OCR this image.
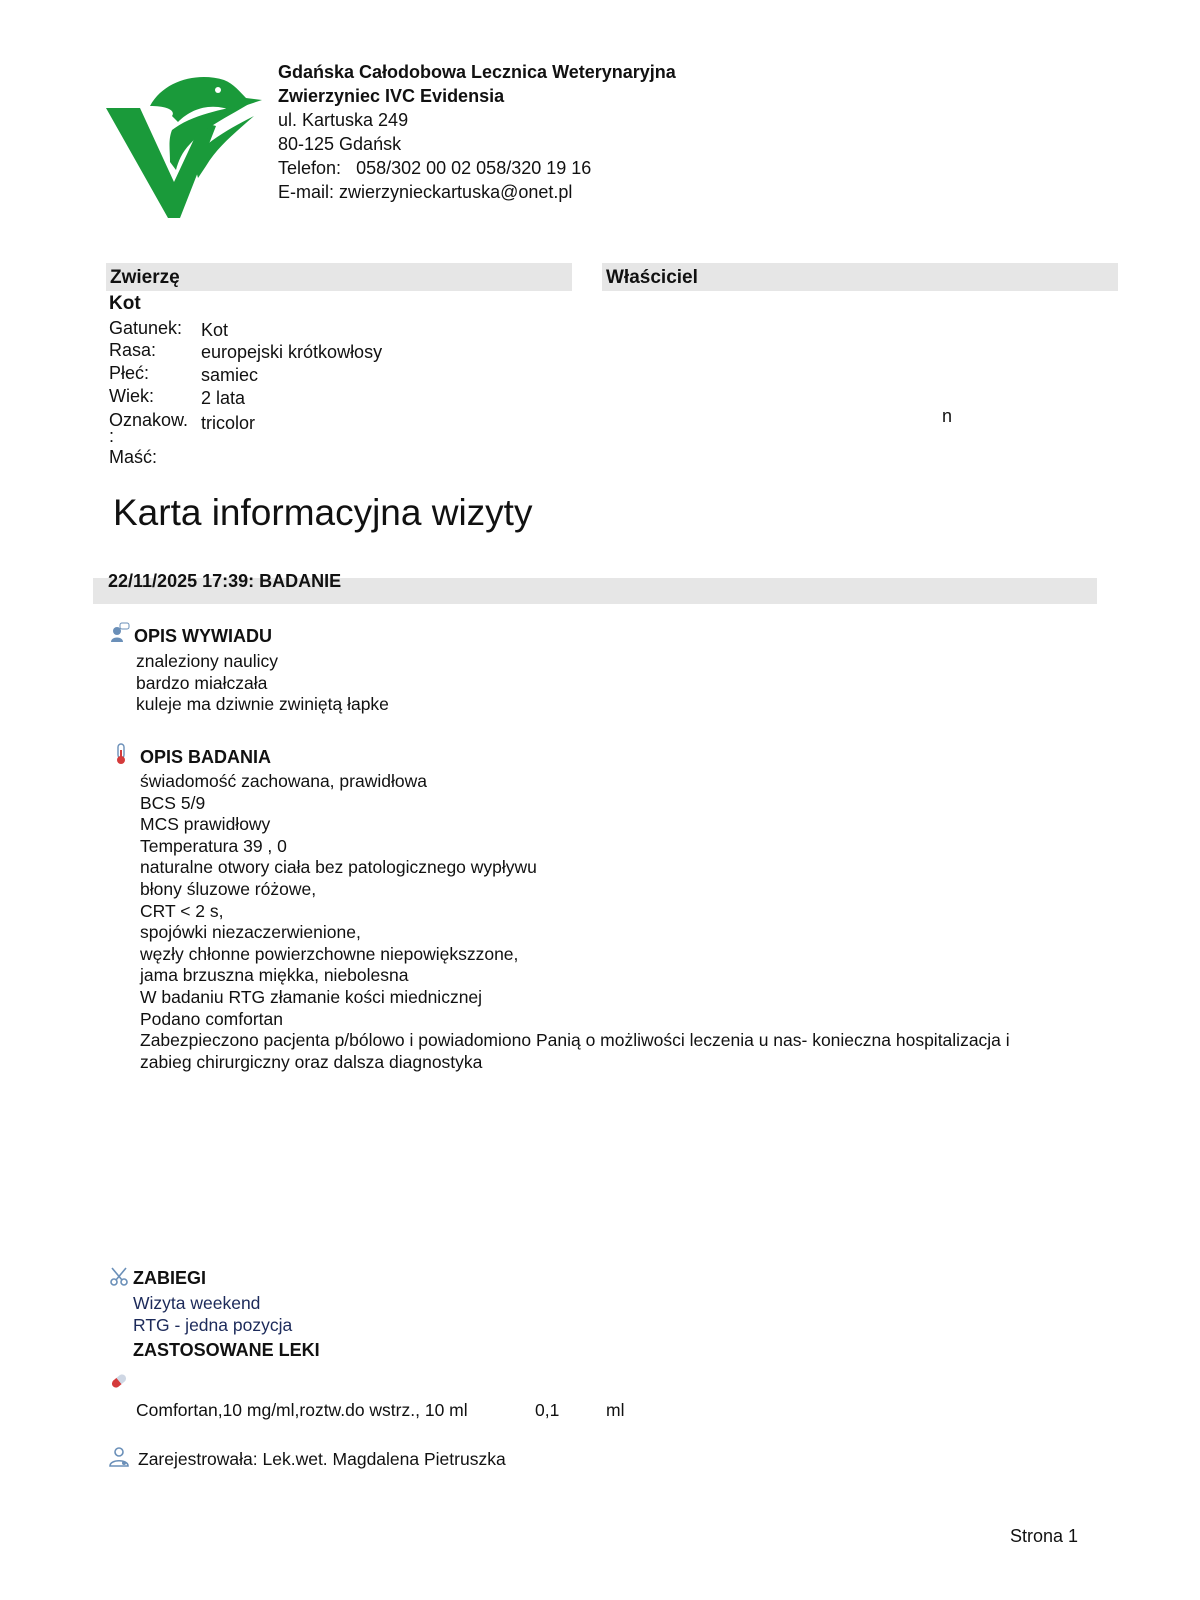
Gdańska Całodobowa Lecznica Weterynaryjna
Zwierzyniec IVC Evidensia
ul. Kartuska 249
80-125 Gdańsk
Telefon: 058/302 00 02 058/320 19 16
E-mail: zwierzynieckartuska@onet.pl
Zwierzę	Właściciel
Kot
Gatunek: Kot
Rasa: europejski krótkowłosy
Płeć:	samiec
Wiek:	2 lata
Oznakow. tricolor
:
Maść:
n
Karta informacyjna wizyty
22/11/2025 17:39: BADANIE
OPIS WYWIADU
znaleziony naulicy
bardzo miałczała
kuleje ma dziwnie zwiniętą łapke
OPIS BADANIA
świadomość zachowana, prawidłowa
BCS 5/9
MCS prawidłowy
Temperatura 39 , 0
naturalne otwory ciała bez patologicznego wypływu
błony śluzowe różowe,
CRT < 2 s,
spojówki niezaczerwienione,
węzły chłonne powierzchowne niepowiększzone,
jama brzuszna miękka, niebolesna
W badaniu RTG złamanie kości miednicznej
Podano comfortan
Zabezpieczono pacjenta p/bólowo i powiadomiono Panią o możliwości leczenia u nas- konieczna hospitalizacja i
zabieg chirurgiczny oraz dalsza diagnostyka
ZABIEGI
Wizyta weekend
RTG - jedna pozycja
ZASTOSOWANE LEKI
Comfortan,10 mg/ml,roztw.do wstrz., 10 ml	0,1	ml
Zarejestrowała: Lek.wet. Magdalena Pietruszka
Strona 1
